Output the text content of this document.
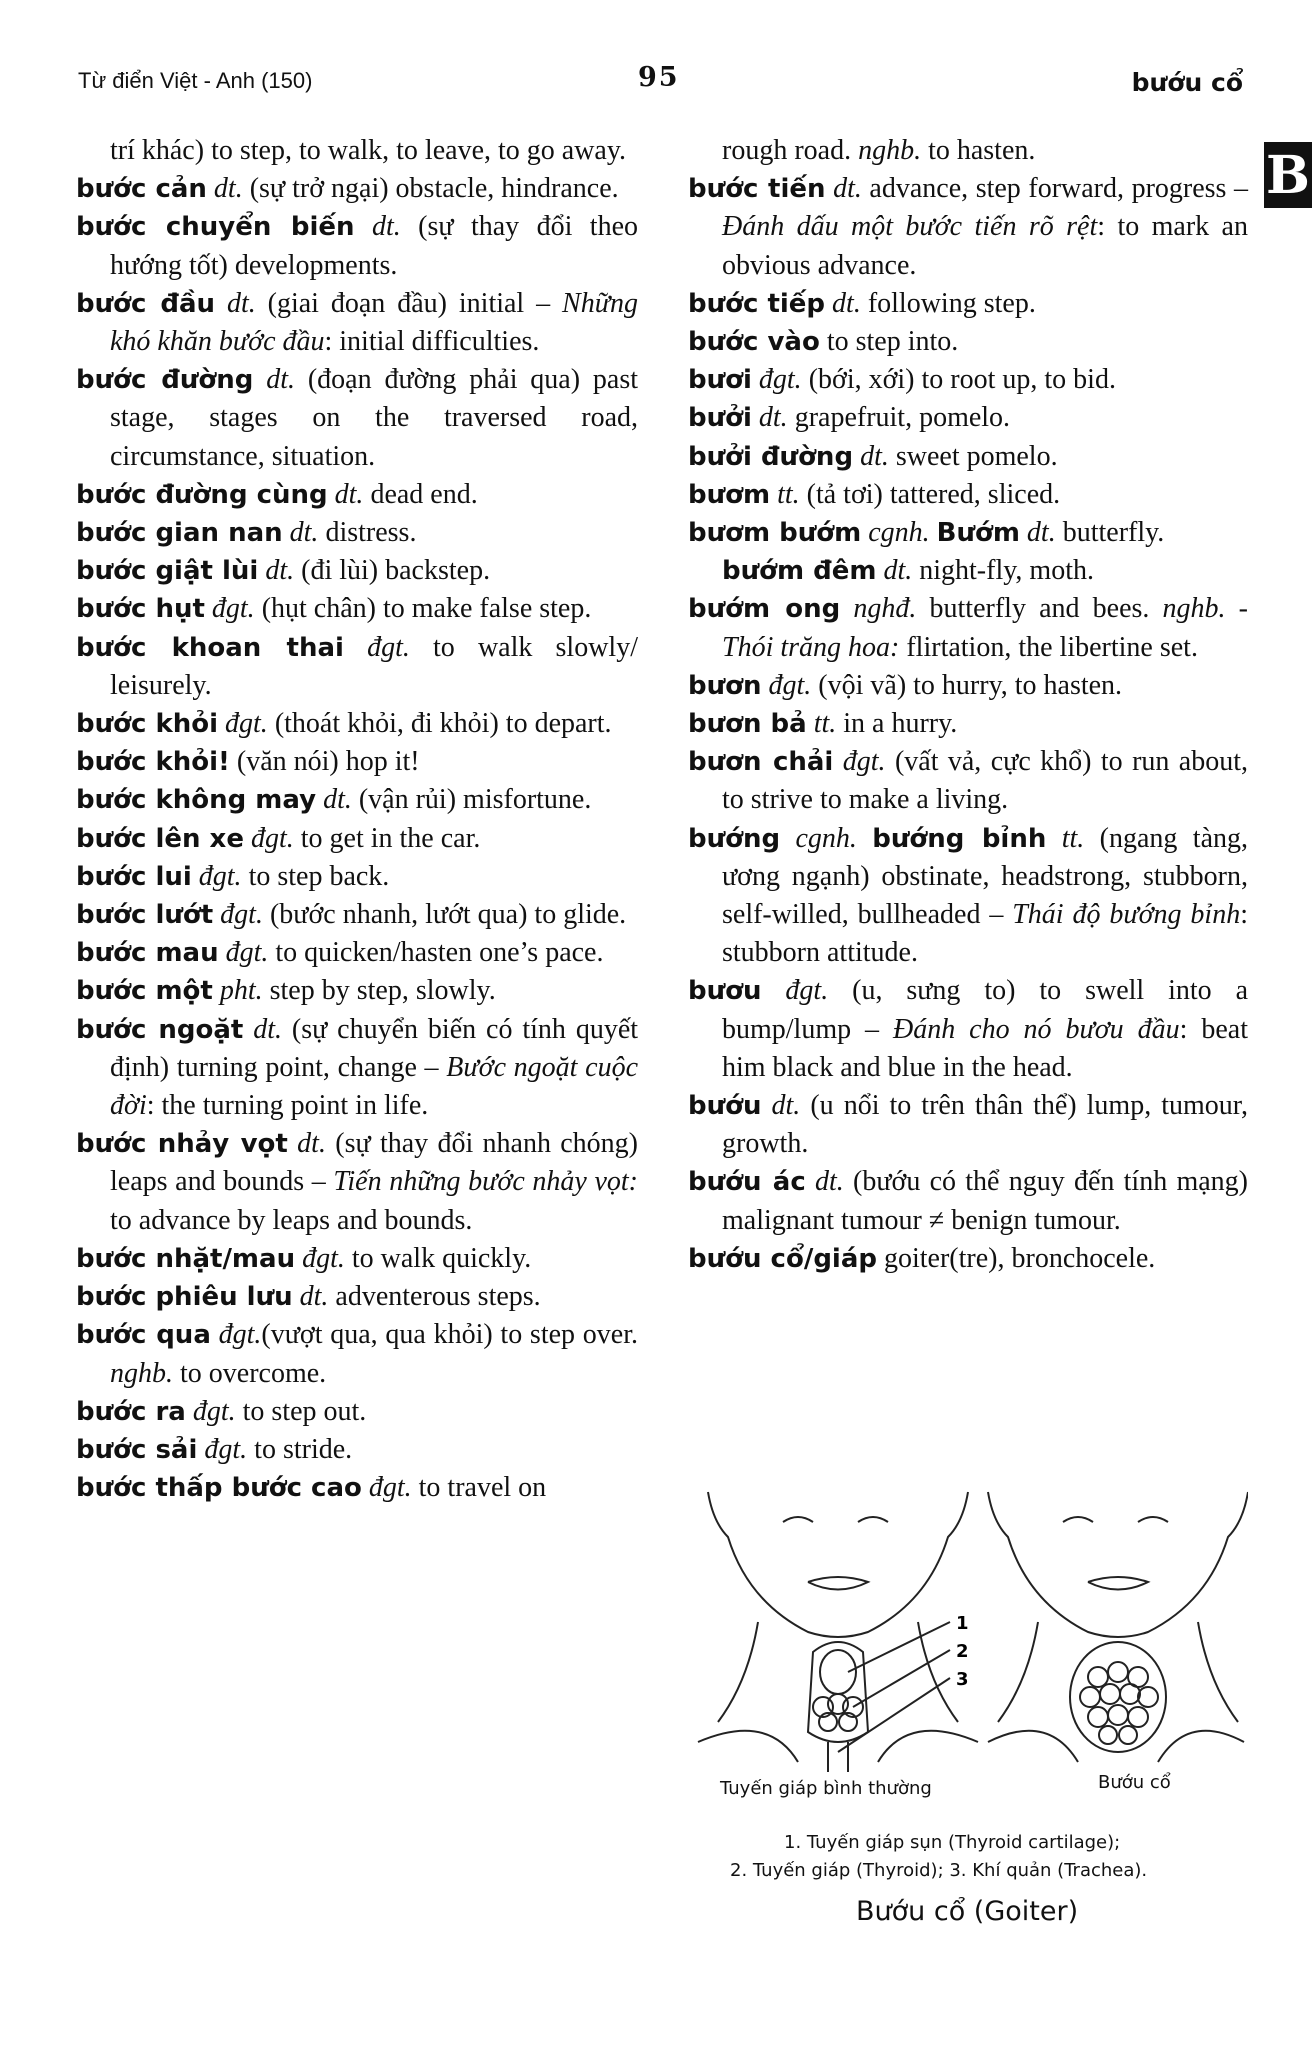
Từ điển Việt - Anh (150)	95	bướu cổ
B
trí khác) to step, to walk, to leave, to go away.
bước cản dt. (sự trở ngại) obstacle, hindrance.
bước chuyển biến dt. (sự thay đổi theo hướng tốt) developments.
bước đầu dt. (giai đoạn đầu) initial – Những khó khăn bước đầu: initial difficulties.
bước đường dt. (đoạn đường phải qua) past stage, stages on the traversed road, circumstance, situation.
bước đường cùng dt. dead end.
bước gian nan dt. distress.
bước giật lùi dt. (đi lùi) backstep.
bước hụt đgt. (hụt chân) to make false step.
bước khoan thai đgt. to walk slowly/ leisurely.
bước khỏi đgt. (thoát khỏi, đi khỏi) to depart.
bước khỏi! (văn nói) hop it!
bước không may dt. (vận rủi) misfortune.
bước lên xe đgt. to get in the car.
bước lui đgt. to step back.
bước lướt đgt. (bước nhanh, lướt qua) to glide.
bước mau đgt. to quicken/hasten one’s pace.
bước một pht. step by step, slowly.
bước ngoặt dt. (sự chuyển biến có tính quyết định) turning point, change – Bước ngoặt cuộc đời: the turning point in life.
bước nhảy vọt dt. (sự thay đổi nhanh chóng) leaps and bounds – Tiến những bước nhảy vọt: to advance by leaps and bounds.
bước nhặt/mau đgt. to walk quickly.
bước phiêu lưu dt. adventerous steps.
bước qua đgt.(vượt qua, qua khỏi) to step over. nghb. to overcome.
bước ra đgt. to step out.
bước sải đgt. to stride.
bước thấp bước cao đgt. to travel on
rough road. nghb. to hasten.
bước tiến dt. advance, step forward, progress – Đánh dấu một bước tiến rõ rệt: to mark an obvious advance.
bước tiếp dt. following step.
bước vào to step into.
bươi đgt. (bới, xới) to root up, to bid.
bưởi dt. grapefruit, pomelo.
bưởi đường dt. sweet pomelo.
bươm tt. (tả tơi) tattered, sliced.
bươm bướm cgnh. Bướm dt. butterfly.
bướm đêm dt. night-fly, moth.
bướm ong nghđ. butterfly and bees. nghb. - Thói trăng hoa: flirtation, the libertine set.
bươn đgt. (vội vã) to hurry, to hasten.
bươn bả tt. in a hurry.
bươn chải đgt. (vất vả, cực khổ) to run about, to strive to make a living.
bướng cgnh. bướng bỉnh tt. (ngang tàng, ương ngạnh) obstinate, headstrong, stubborn, self-willed, bullheaded – Thái độ bướng bỉnh: stubborn attitude.
bươu đgt. (u, sưng to) to swell into a bump/lump – Đánh cho nó bươu đầu: beat him black and blue in the head.
bướu dt. (u nổi to trên thân thể) lump, tumour, growth.
bướu ác dt. (bướu có thể nguy đến tính mạng) malignant tumour ≠ benign tumour.
bướu cổ/giáp goiter(tre), bronchocele.
1
2
3
Tuyến giáp bình thường	Bướu cổ
1. Tuyến giáp sụn (Thyroid cartilage);
2. Tuyến giáp (Thyroid); 3. Khí quản (Trachea).
Bướu cổ (Goiter)
